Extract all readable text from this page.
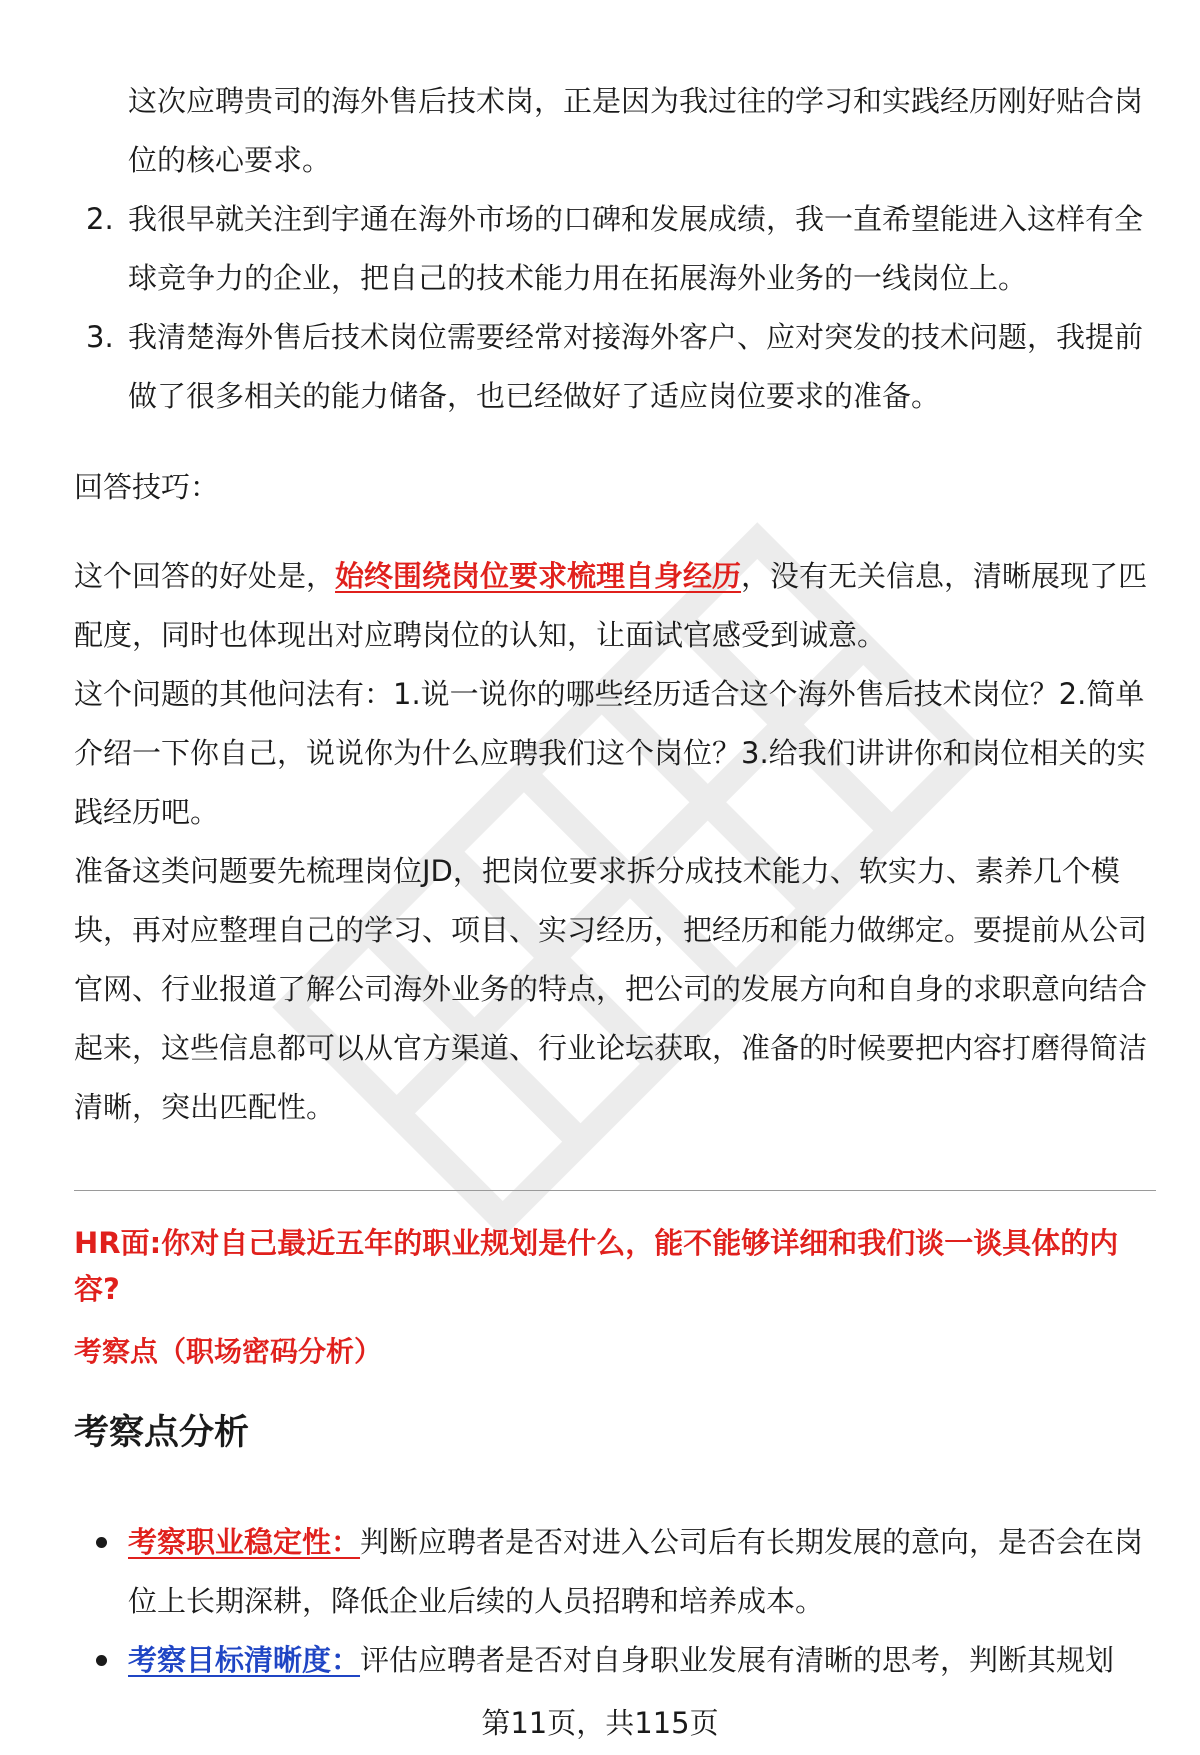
这次应聘贵司的海外售后技术岗，正是因为我过往的学习和实践经历刚好贴合岗位的核心要求。
2. 我很早就关注到宇通在海外市场的口碑和发展成绩，我一直希望能进入这样有全球竞争力的企业，把自己的技术能力用在拓展海外业务的一线岗位上。
3. 我清楚海外售后技术岗位需要经常对接海外客户、应对突发的技术问题，我提前做了很多相关的能力储备，也已经做好了适应岗位要求的准备。

回答技巧：

这个回答的好处是，始终围绕岗位要求梳理自身经历，没有无关信息，清晰展现了匹配度，同时也体现出对应聘岗位的认知，让面试官感受到诚意。

这个问题的其他问法有：1.说一说你的哪些经历适合这个海外售后技术岗位？2.简单介绍一下你自己，说说你为什么应聘我们这个岗位？3.给我们讲讲你和岗位相关的实践经历吧。

准备这类问题要先梳理岗位JD，把岗位要求拆分成技术能力、软实力、素养几个模块，再对应整理自己的学习、项目、实习经历，把经历和能力做绑定。要提前从公司官网、行业报道了解公司海外业务的特点，把公司的发展方向和自身的求职意向结合起来，这些信息都可以从官方渠道、行业论坛获取，准备的时候要把内容打磨得简洁清晰，突出匹配性。

HR面:你对自己最近五年的职业规划是什么，能不能够详细和我们谈一谈具体的内容?

考察点（职场密码分析）

考察点分析

考察职业稳定性：判断应聘者是否对进入公司后有长期发展的意向，是否会在岗位上长期深耕，降低企业后续的人员招聘和培养成本。
考察目标清晰度：评估应聘者是否对自身职业发展有清晰的思考，判断其规划
第11页，共115页
